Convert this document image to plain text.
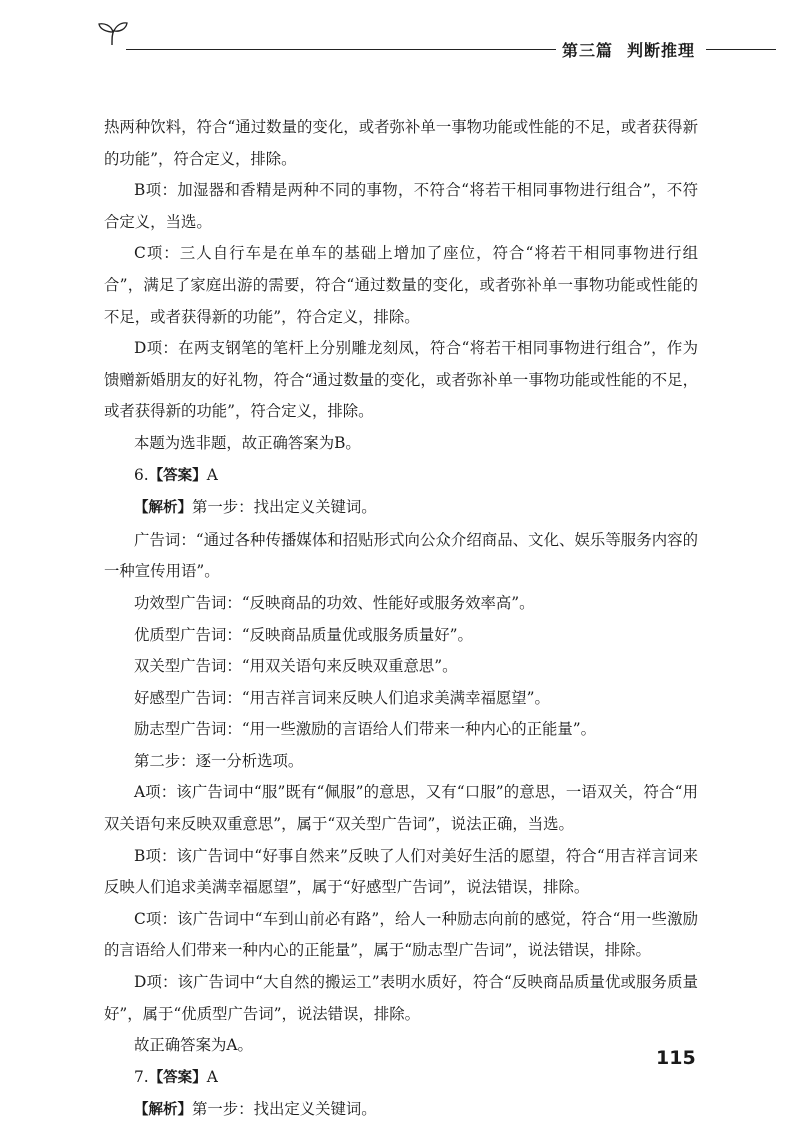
第三篇 判断推理

热两种饮料，符合“通过数量的变化，或者弥补单一事物功能或性能的不足，或者获得新的功能”，符合定义，排除。

B项：加湿器和香精是两种不同的事物，不符合“将若干相同事物进行组合”，不符合定义，当选。

C项：三人自行车是在单车的基础上增加了座位，符合“将若干相同事物进行组合”，满足了家庭出游的需要，符合“通过数量的变化，或者弥补单一事物功能或性能的不足，或者获得新的功能”，符合定义，排除。

D项：在两支钢笔的笔杆上分别雕龙刻凤，符合“将若干相同事物进行组合”，作为馈赠新婚朋友的好礼物，符合“通过数量的变化，或者弥补单一事物功能或性能的不足，或者获得新的功能”，符合定义，排除。

本题为选非题，故正确答案为B。

6.【答案】A

【解析】第一步：找出定义关键词。

广告词：“通过各种传播媒体和招贴形式向公众介绍商品、文化、娱乐等服务内容的一种宣传用语”。

功效型广告词：“反映商品的功效、性能好或服务效率高”。

优质型广告词：“反映商品质量优或服务质量好”。

双关型广告词：“用双关语句来反映双重意思”。

好感型广告词：“用吉祥言词来反映人们追求美满幸福愿望”。

励志型广告词：“用一些激励的言语给人们带来一种内心的正能量”。

第二步：逐一分析选项。

A项：该广告词中“服”既有“佩服”的意思，又有“口服”的意思，一语双关，符合“用双关语句来反映双重意思”，属于“双关型广告词”，说法正确，当选。

B项：该广告词中“好事自然来”反映了人们对美好生活的愿望，符合“用吉祥言词来反映人们追求美满幸福愿望”，属于“好感型广告词”，说法错误，排除。

C项：该广告词中“车到山前必有路”，给人一种励志向前的感觉，符合“用一些激励的言语给人们带来一种内心的正能量”，属于“励志型广告词”，说法错误，排除。

D项：该广告词中“大自然的搬运工”表明水质好，符合“反映商品质量优或服务质量好”，属于“优质型广告词”，说法错误，排除。

故正确答案为A。

7.【答案】A

【解析】第一步：找出定义关键词。

115
